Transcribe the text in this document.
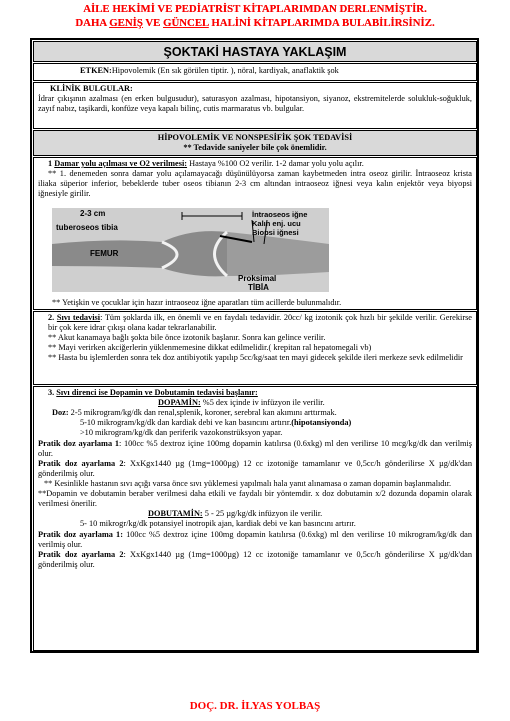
AİLE HEKİMİ VE PEDİATRİST KİTAPLARIMDAN DERLENMİŞTİR.
DAHA GENİŞ VE GÜNCEL HALİNİ KİTAPLARIMDA BULABİLİRSİNİZ.
ŞOKTAKİ HASTAYA YAKLAŞIM
ETKEN:Hipovolemik (En sık görülen tiptir. ), nöral, kardiyak, anaflaktik şok

KLİNİK BULGULAR:

İdrar çıkışının azalması (en erken bulgusudur), saturasyon azalması, hipotansiyon, siyanoz, ekstremitelerde solukluk-soğukluk, zayıf nabız, taşikardi, konfüze veya kapalı bilinç, cutis marmaratus vb. bulgular.

HİPOVOLEMİK VE NONSPESİFİK ŞOK TEDAVİSİ

** Tedavide saniyeler bile çok önemlidir.

1 Damar yolu açılması ve O2 verilmesi: Hastaya %100 O2 verilir. 1-2 damar yolu yolu açılır.

** 1. denemeden sonra damar yolu açılamayacağı düşünülüyorsa zaman kaybetmeden intra oseoz girilir. İntraoseoz krista iliaka süperior inferior, bebeklerde tuber oseos tibianın 2-3 cm altından intraoseoz iğnesi veya kalın enjektör veya biyopsi iğnesiyle girilir.

2-3 cm
tuberoseos tibia
FEMUR
İntraoseos iğne
Kalın enj. ucu
Biopsi iğnesi
Proksimal
TİBİA

** Yetişkin ve çocuklar için hazır intraoseoz iğne aparatları tüm acillerde bulunmalıdır.

2. Sıvı tedavisi: Tüm şoklarda ilk, en önemli ve en faydalı tedavidir. 20cc/ kg izotonik çok hızlı bir şekilde verilir. Gerekirse bir çok kere idrar çıkışı olana kadar tekrarlanabilir.

** Akut kanamaya bağlı şokta bile önce izotonik başlanır. Sonra kan gelince verilir.

** Mayi verirken akciğerlerin yüklenmemesine dikkat edilmelidir.( krepitan ral hepatomegali vb)

** Hasta bu işlemlerden sonra tek doz antibiyotik yapılıp 5cc/kg/saat ten mayi gidecek şekilde ileri merkeze sevk edilmelidir

3. Sıvı direnci ise Dopamin ve Dobutamin tedavisi başlanır:

DOPAMİN: %5 dex içinde iv infüzyon ile verilir.

Doz: 2-5 mikrogram/kg/dk dan renal,splenik, koroner, serebral kan akımını arttırmak.

5-10 mikrogram/kg/dk dan kardiak debi ve kan basıncını artırır.(hipotansiyonda)

>10 mikrogram/kg/dk dan periferik vazokonstrüksyon yapar.

Pratik doz ayarlama 1: 100cc %5 dextroz içine 100mg dopamin katılırsa (0.6xkg) ml den verilirse 10 mcg/kg/dk dan verilmiş olur.

Pratik doz ayarlama 2: XxKgx1440 µg (1mg=1000µg) 12 cc izotoniğe tamamlanır ve 0,5cc/h gönderilirse X µg/dk'dan gönderilmiş olur.

** Kesinlikle hastanın sıvı açığı varsa önce sıvı yüklemesi yapılmalı hala yanıt alınamasa o zaman dopamin başlanmalıdır.

**Dopamin ve dobutamin beraber verilmesi daha etkili ve faydalı bir yöntemdir. x doz dobutamin x/2 dozunda dopamin olarak verilmesi önerilir.

DOBUTAMİN: 5 - 25 µg/kg/dk infüzyon ile verilir.

5- 10 mikrogr/kg/dk potansiyel inotropik ajan, kardiak debi ve kan basıncını artırır.

Pratik doz ayarlama 1: 100cc %5 dextroz içine 100mg dopamin katılırsa (0.6xkg) ml den verilirse 10 mikrogram/kg/dk dan verilmiş olur.

Pratik doz ayarlama 2: XxKgx1440 µg (1mg=1000µg) 12 cc izotoniğe tamamlanır ve 0,5cc/h gönderilirse X µg/dk'dan gönderilmiş olur.

DOÇ. DR. İLYAS YOLBAŞ
